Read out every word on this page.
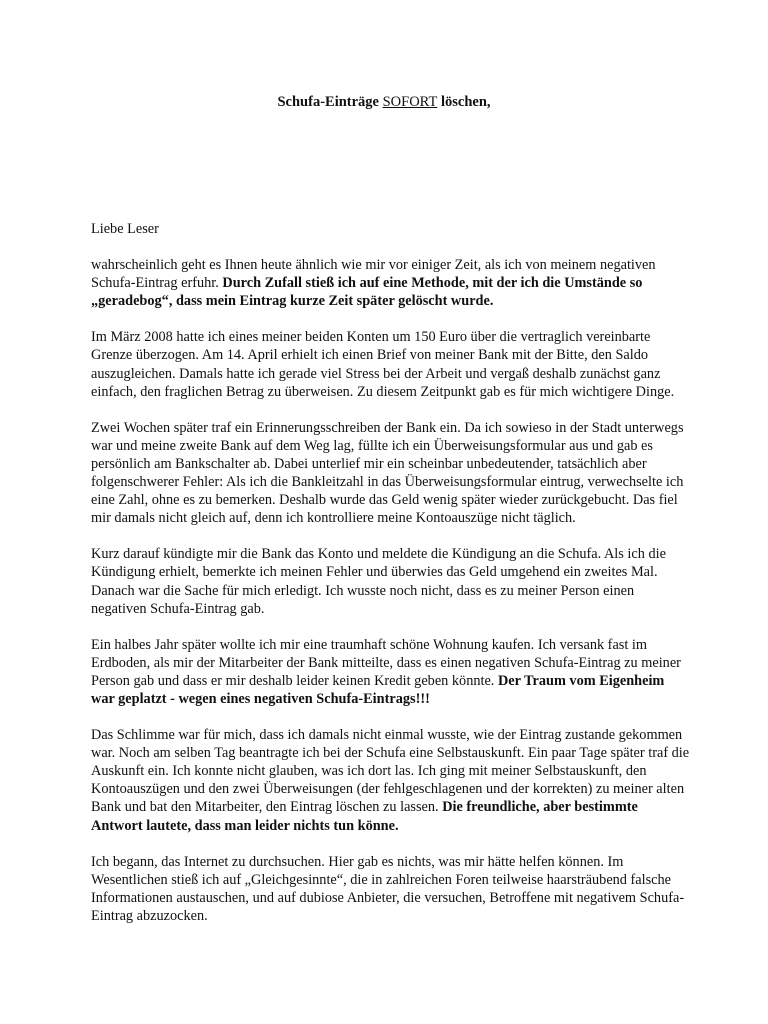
Schufa-Einträge SOFORT löschen,
Liebe Leser

wahrscheinlich geht es Ihnen heute ähnlich wie mir vor einiger Zeit, als ich von meinem negativen Schufa-Eintrag erfuhr. Durch Zufall stieß ich auf eine Methode, mit der ich die Umstände so „geradebog“, dass mein Eintrag kurze Zeit später gelöscht wurde.

Im März 2008 hatte ich eines meiner beiden Konten um 150 Euro über die vertraglich vereinbarte Grenze überzogen. Am 14. April erhielt ich einen Brief von meiner Bank mit der Bitte, den Saldo auszugleichen. Damals hatte ich gerade viel Stress bei der Arbeit und vergaß deshalb zunächst ganz einfach, den fraglichen Betrag zu überweisen. Zu diesem Zeitpunkt gab es für mich wichtigere Dinge.

Zwei Wochen später traf ein Erinnerungsschreiben der Bank ein. Da ich sowieso in der Stadt unterwegs war und meine zweite Bank auf dem Weg lag, füllte ich ein Überweisungsformular aus und gab es persönlich am Bankschalter ab. Dabei unterlief mir ein scheinbar unbedeutender, tatsächlich aber folgenschwerer Fehler: Als ich die Bankleitzahl in das Überweisungsformular eintrug, verwechselte ich eine Zahl, ohne es zu bemerken. Deshalb wurde das Geld wenig später wieder zurückgebucht. Das fiel mir damals nicht gleich auf, denn ich kontrolliere meine Kontoauszüge nicht täglich.

Kurz darauf kündigte mir die Bank das Konto und meldete die Kündigung an die Schufa. Als ich die Kündigung erhielt, bemerkte ich meinen Fehler und überwies das Geld umgehend ein zweites Mal. Danach war die Sache für mich erledigt. Ich wusste noch nicht, dass es zu meiner Person einen negativen Schufa-Eintrag gab.

Ein halbes Jahr später wollte ich mir eine traumhaft schöne Wohnung kaufen. Ich versank fast im Erdboden, als mir der Mitarbeiter der Bank mitteilte, dass es einen negativen Schufa-Eintrag zu meiner Person gab und dass er mir deshalb leider keinen Kredit geben könnte. Der Traum vom Eigenheim war geplatzt - wegen eines negativen Schufa-Eintrags!!!

Das Schlimme war für mich, dass ich damals nicht einmal wusste, wie der Eintrag zustande gekommen war. Noch am selben Tag beantragte ich bei der Schufa eine Selbstauskunft. Ein paar Tage später traf die Auskunft ein. Ich konnte nicht glauben, was ich dort las. Ich ging mit meiner Selbstauskunft, den Kontoauszügen und den zwei Überweisungen (der fehlgeschlagenen und der korrekten) zu meiner alten Bank und bat den Mitarbeiter, den Eintrag löschen zu lassen. Die freundliche, aber bestimmte Antwort lautete, dass man leider nichts tun könne.

Ich begann, das Internet zu durchsuchen. Hier gab es nichts, was mir hätte helfen können. Im Wesentlichen stieß ich auf „Gleichgesinnte“, die in zahlreichen Foren teilweise haarsträubend falsche Informationen austauschen, und auf dubiose Anbieter, die versuchen, Betroffene mit negativem Schufa-Eintrag abzuzocken.
